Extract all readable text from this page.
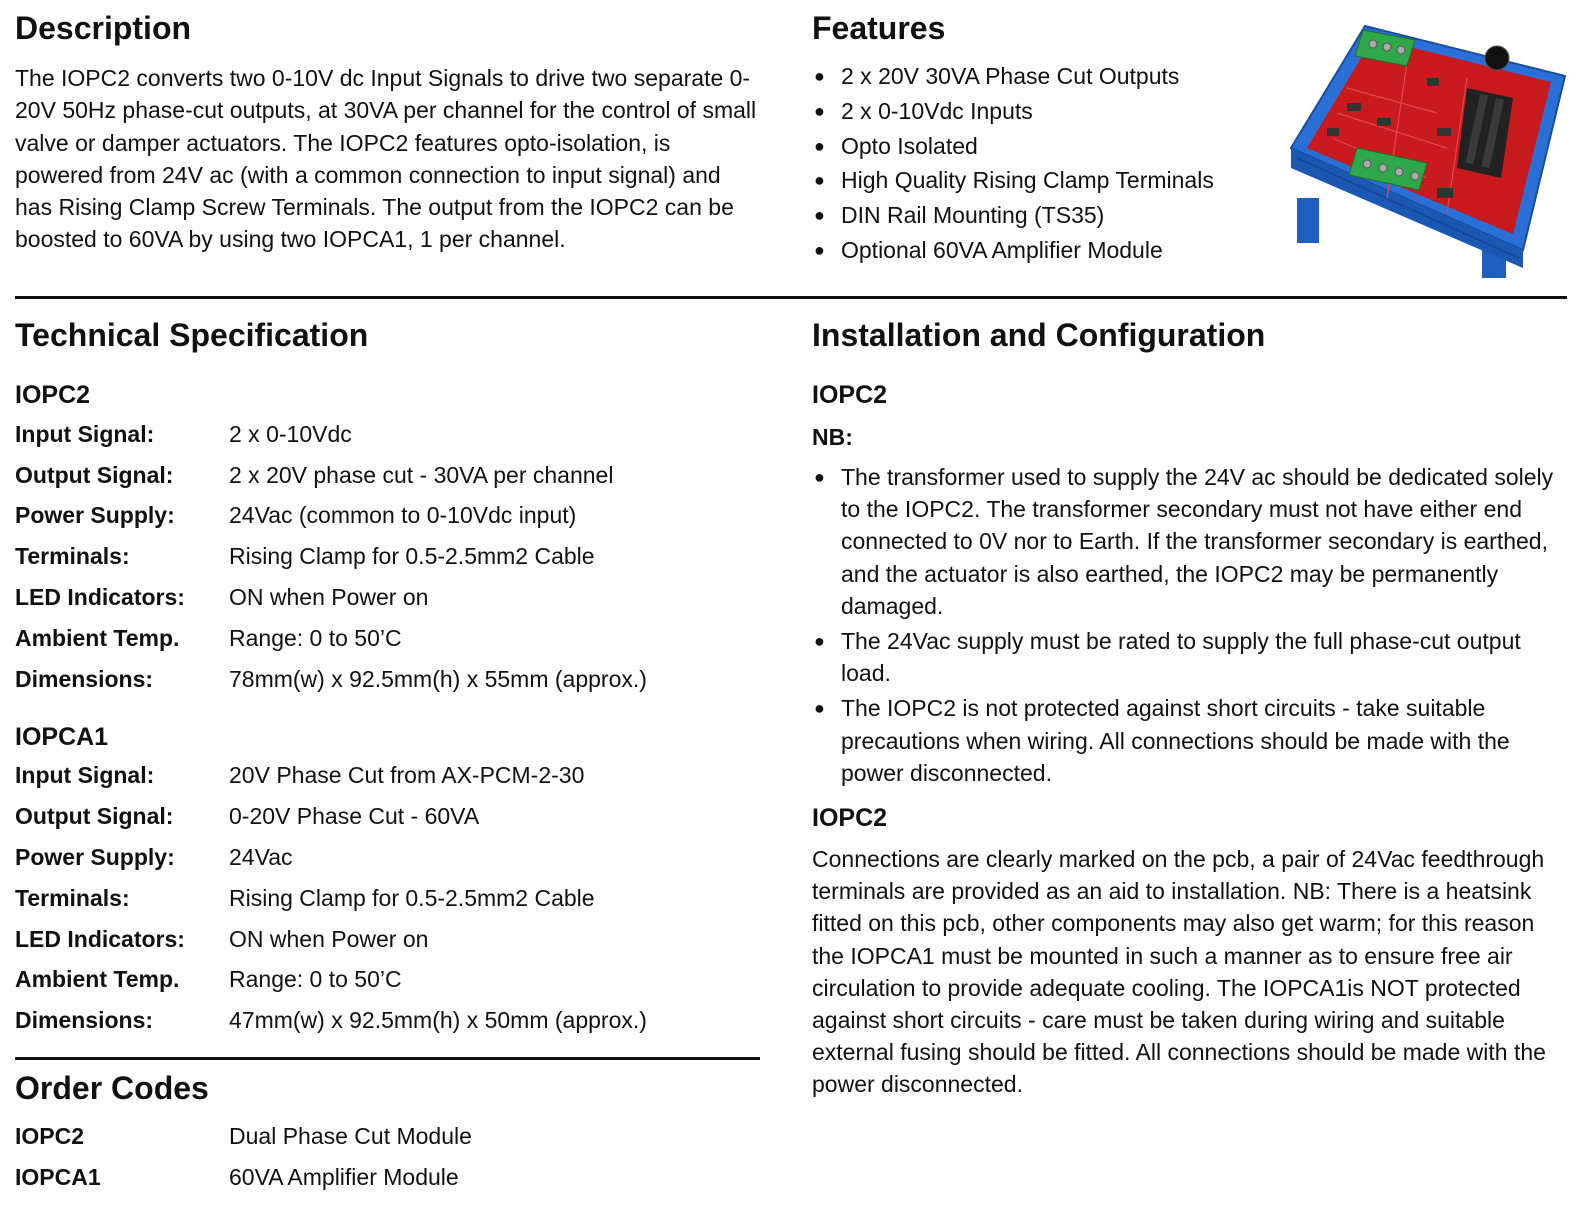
Description

The IOPC2 converts two 0-10V dc Input Signals to drive two separate 0-20V 50Hz phase-cut outputs, at 30VA per channel for the control of small valve or damper actuators. The IOPC2 features opto-isolation, is powered from 24V ac (with a common connection to input signal) and has Rising Clamp Screw Terminals. The output from the IOPC2 can be boosted to 60VA by using two IOPCA1, 1 per channel.

Features
● 2 x 20V 30VA Phase Cut Outputs
● 2 x 0-10Vdc Inputs
● Opto Isolated
● High Quality Rising Clamp Terminals
● DIN Rail Mounting (TS35)
● Optional 60VA Amplifier Module
Technical Specification
IOPC2
Input Signal:	2 x 0-10Vdc
Output Signal:	2 x 20V phase cut - 30VA per channel
Power Supply:	24Vac (common to 0-10Vdc input)
Terminals:	Rising Clamp for 0.5-2.5mm2 Cable
LED Indicators:	ON when Power on
Ambient Temp.	Range: 0 to 50’C
Dimensions:	78mm(w) x 92.5mm(h) x 55mm (approx.)
IOPCA1
Input Signal:	20V Phase Cut from AX-PCM-2-30
Output Signal:	0-20V Phase Cut - 60VA
Power Supply:	24Vac
Terminals:	Rising Clamp for 0.5-2.5mm2 Cable
LED Indicators:	ON when Power on
Ambient Temp.	Range: 0 to 50’C
Dimensions:	47mm(w) x 92.5mm(h) x 50mm (approx.)
Order Codes
IOPC2	Dual Phase Cut Module
IOPCA1	60VA Amplifier Module
Installation and Configuration
IOPC2
NB:
● The transformer used to supply the 24V ac should be dedicated solely to the IOPC2. The transformer secondary must not have either end connected to 0V nor to Earth. If the transformer secondary is earthed, and the actuator is also earthed, the IOPC2 may be permanently damaged.
● The 24Vac supply must be rated to supply the full phase-cut output load.
● The IOPC2 is not protected against short circuits - take suitable precautions when wiring. All connections should be made with the power disconnected.
IOPC2

Connections are clearly marked on the pcb, a pair of 24Vac feedthrough terminals are provided as an aid to installation. NB: There is a heatsink fitted on this pcb, other components may also get warm; for this reason the IOPCA1 must be mounted in such a manner as to ensure free air circulation to provide adequate cooling. The IOPCA1is NOT protected against short circuits - care must be taken during wiring and suitable external fusing should be fitted. All connections should be made with the power disconnected.
